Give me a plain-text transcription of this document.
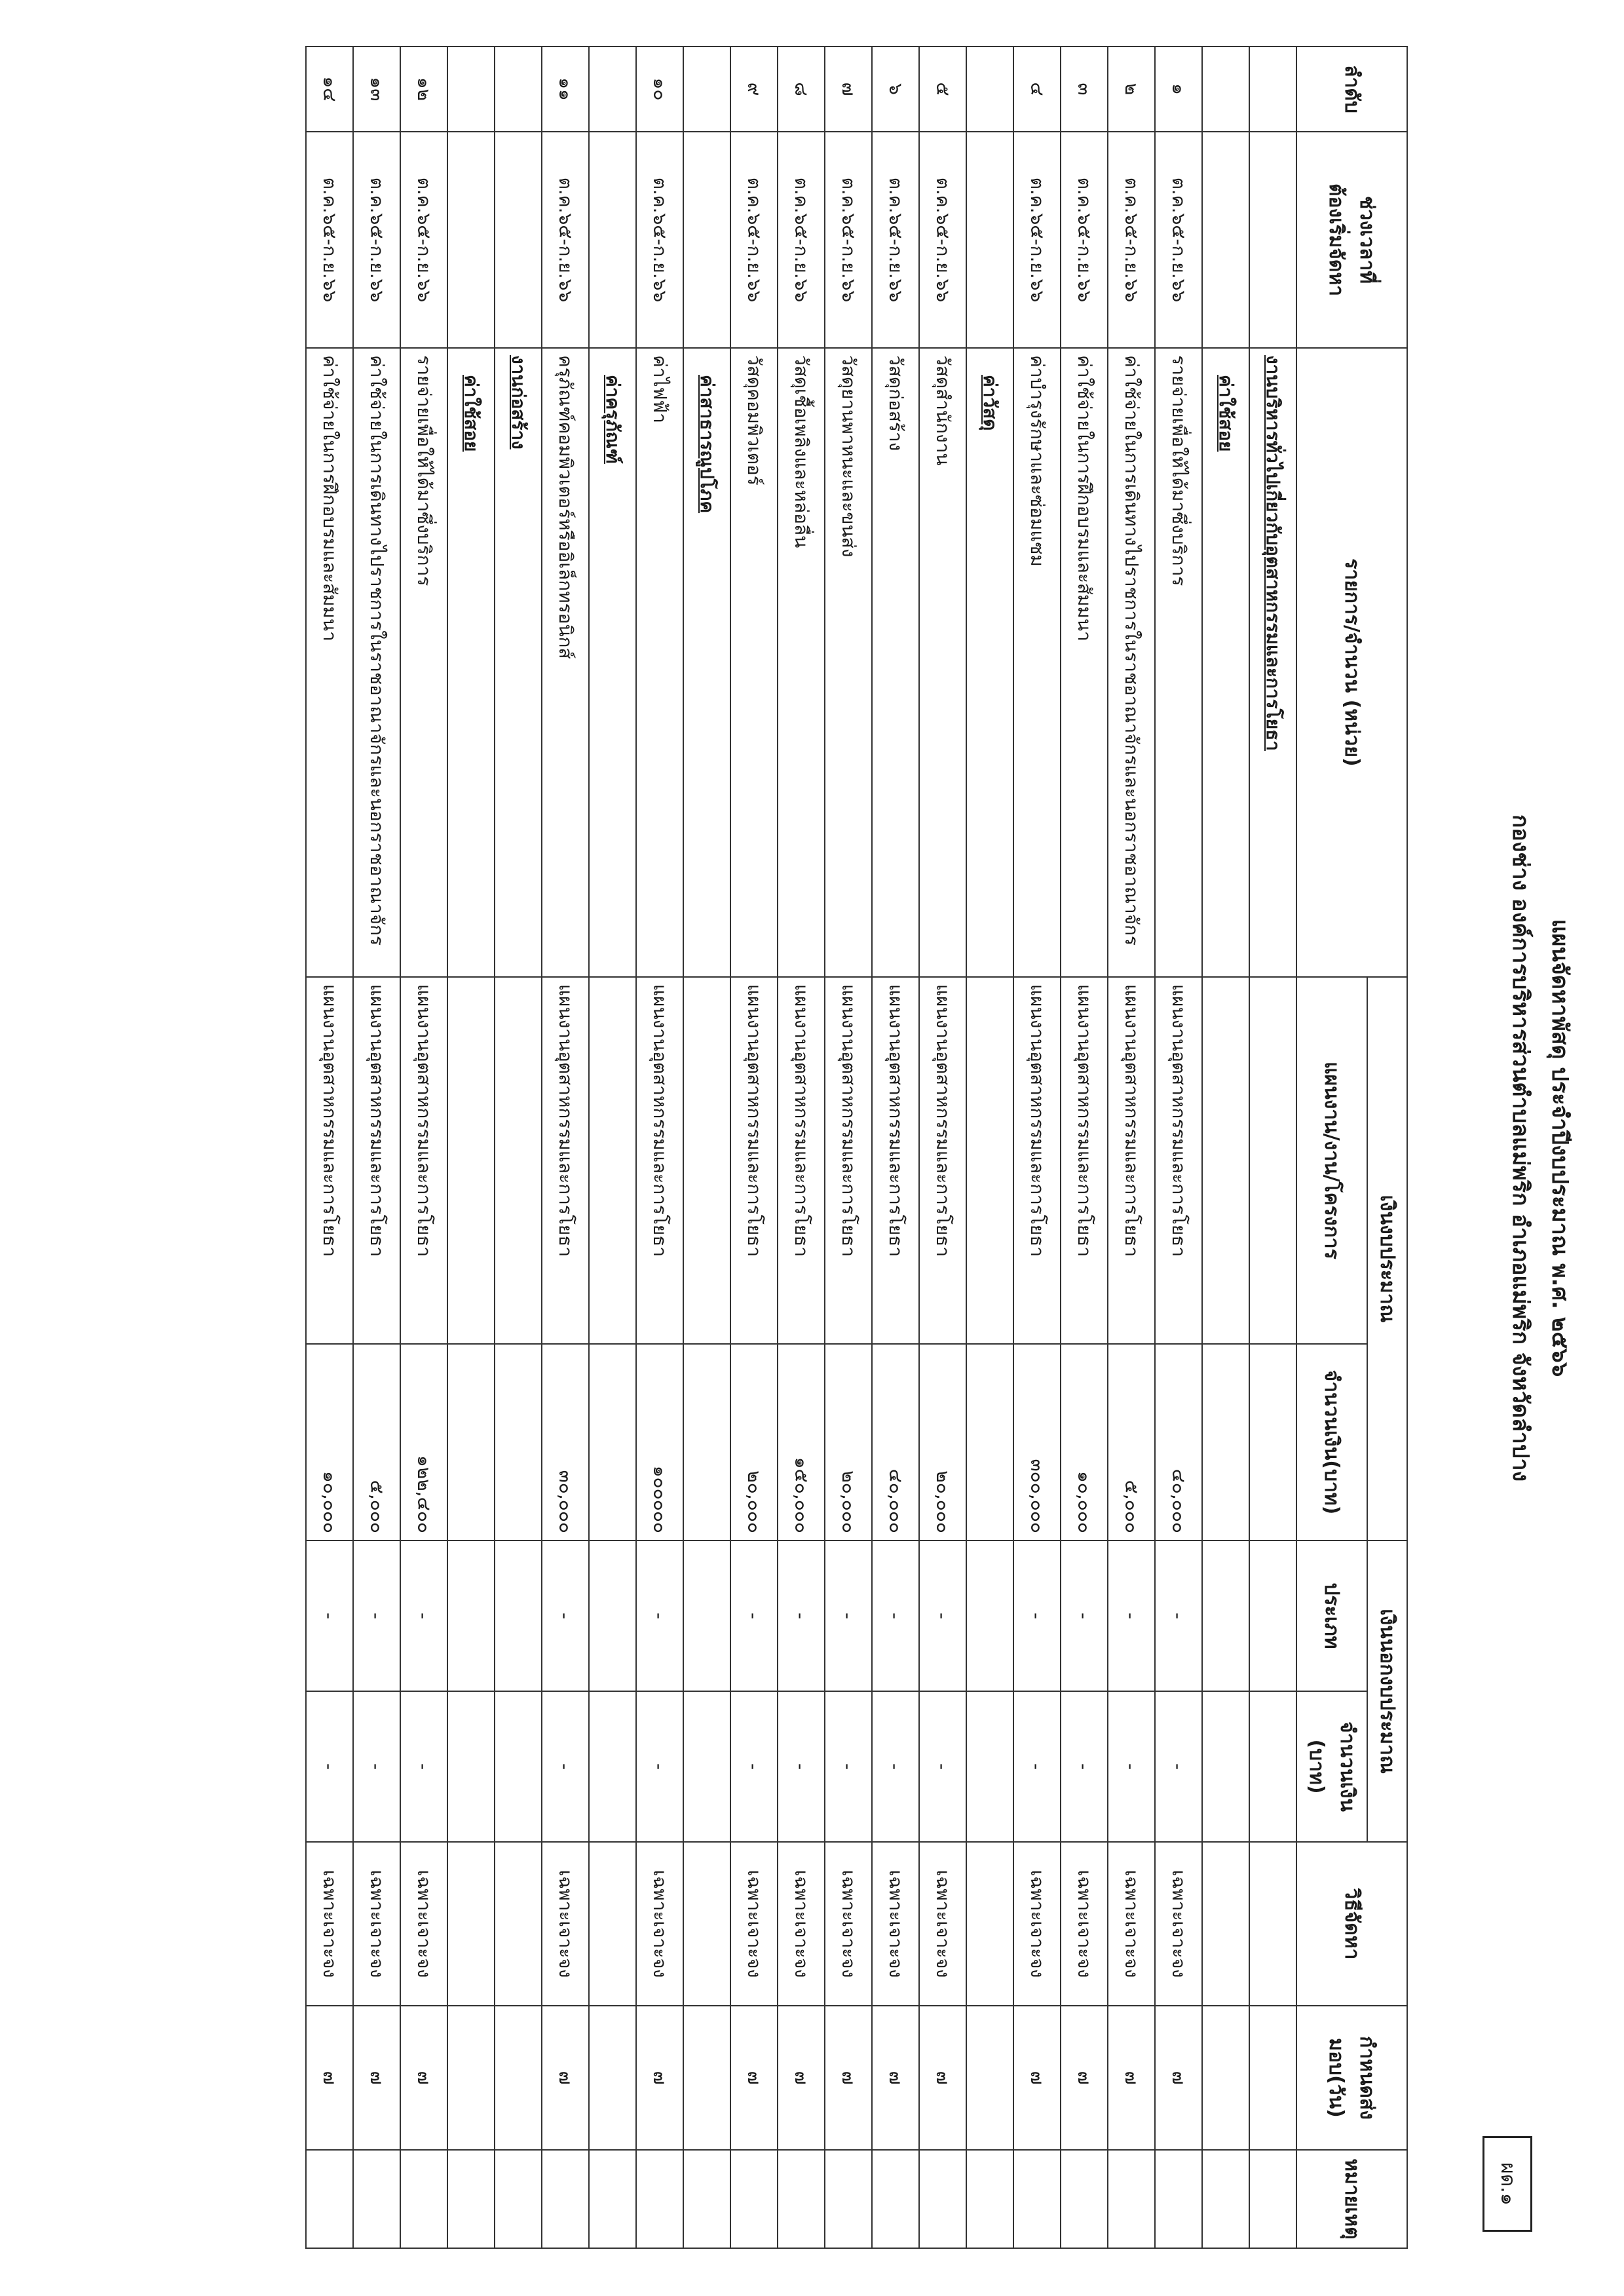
ผด.๑
แผนจัดหาพัสดุ ประจำปีงบประมาณ พ.ศ. ๒๕๖๖
กองช่าง องค์การบริหารส่วนตำบลแม่พริก อำเภอแม่พริก จังหวัดลำปาง
ลำดับ	ช่วงเวลาที่
ต้องเริ่มจัดหา	รายการ/จำนวน (หน่วย)	เงินงบประมาณ		เงินนอกงบประมาณ		วิธีจัดหา	กำหนดส่งมอบ(วัน)	หมายเหตุ
			แผนงาน/งาน/โครงการ	จำนวนเงิน(บาท)	ประเภท	จำนวนเงิน (บาท)			
		งานบริหารทั่วไปเกี่ยวกับอุตสาหกรรมและการโยธา							
		ค่าใช้สอย							
๑	ต.ค.๖๕-ก.ย.๖๖	รายจ่ายเพื่อให้ได้มาซึ่งบริการ	แผนงานอุตสาหกรรมและการโยธา	๔๐,๐๐๐	-	-	เฉพาะเจาะจง	๗	
๒	ต.ค.๖๕-ก.ย.๖๖	ค่าใช้จ่ายในการเดินทางไปราชการในราชอาณาจักรและนอกราชอาณาจักร	แผนงานอุตสาหกรรมและการโยธา	๕,๐๐๐	-	-	เฉพาะเจาะจง	๗	
๓	ต.ค.๖๕-ก.ย.๖๖	ค่าใช้จ่ายในการฝึกอบรมและสัมมนา	แผนงานอุตสาหกรรมและการโยธา	๑๐,๐๐๐	-	-	เฉพาะเจาะจง	๗	
๔	ต.ค.๖๕-ก.ย.๖๖	ค่าบำรุงรักษาและซ่อมแซม	แผนงานอุตสาหกรรมและการโยธา	๓๐๐,๐๐๐	-	-	เฉพาะเจาะจง	๗	
		ค่าวัสดุ							
๕	ต.ค.๖๕-ก.ย.๖๖	วัสดุสำนักงาน	แผนงานอุตสาหกรรมและการโยธา	๒๐,๐๐๐	-	-	เฉพาะเจาะจง	๗	
๖	ต.ค.๖๕-ก.ย.๖๖	วัสดุก่อสร้าง	แผนงานอุตสาหกรรมและการโยธา	๔๐,๐๐๐	-	-	เฉพาะเจาะจง	๗	
๗	ต.ค.๖๕-ก.ย.๖๖	วัสดุยานพาหนะและขนส่ง	แผนงานอุตสาหกรรมและการโยธา	๒๐,๐๐๐	-	-	เฉพาะเจาะจง	๗	
๘	ต.ค.๖๕-ก.ย.๖๖	วัสดุเชื้อเพลิงและหล่อลื่น	แผนงานอุตสาหกรรมและการโยธา	๑๕๐,๐๐๐	-	-	เฉพาะเจาะจง	๗	
๙	ต.ค.๖๕-ก.ย.๖๖	วัสดุคอมพิวเตอร์	แผนงานอุตสาหกรรมและการโยธา	๒๐,๐๐๐	-	-	เฉพาะเจาะจง	๗	
		ค่าสาธารณูปโภค							
๑๐	ต.ค.๖๕-ก.ย.๖๖	ค่าไฟฟ้า	แผนงานอุตสาหกรรมและการโยธา	๑๐๐๐๐๐	-	-	เฉพาะเจาะจง	๗	
		ค่าครุภัณฑ์							
๑๑	ต.ค.๖๕-ก.ย.๖๖	ครุภัณฑ์คอมพิวเตอร์หรืออิเล็กทรอนิกส์	แผนงานอุตสาหกรรมและการโยธา	๓๐,๐๐๐	-	-	เฉพาะเจาะจง	๗	
		งานก่อสร้าง							
		ค่าใช้สอย							
๑๒	ต.ค.๖๕-ก.ย.๖๖	รายจ่ายเพื่อให้ได้มาซึ่งบริการ	แผนงานอุตสาหกรรมและการโยธา	๑๒๒,๔๐๐	-	-	เฉพาะเจาะจง	๗	
๑๓	ต.ค.๖๕-ก.ย.๖๖	ค่าใช้จ่ายในการเดินทางไปราชการในราชอาณาจักรและนอกราชอาณาจักร	แผนงานอุตสาหกรรมและการโยธา	๕,๐๐๐	-	-	เฉพาะเจาะจง	๗	
๑๔	ต.ค.๖๕-ก.ย.๖๖	ค่าใช้จ่ายในการฝึกอบรมและสัมมนา	แผนงานอุตสาหกรรมและการโยธา	๑๐,๐๐๐	-	-	เฉพาะเจาะจง	๗	
